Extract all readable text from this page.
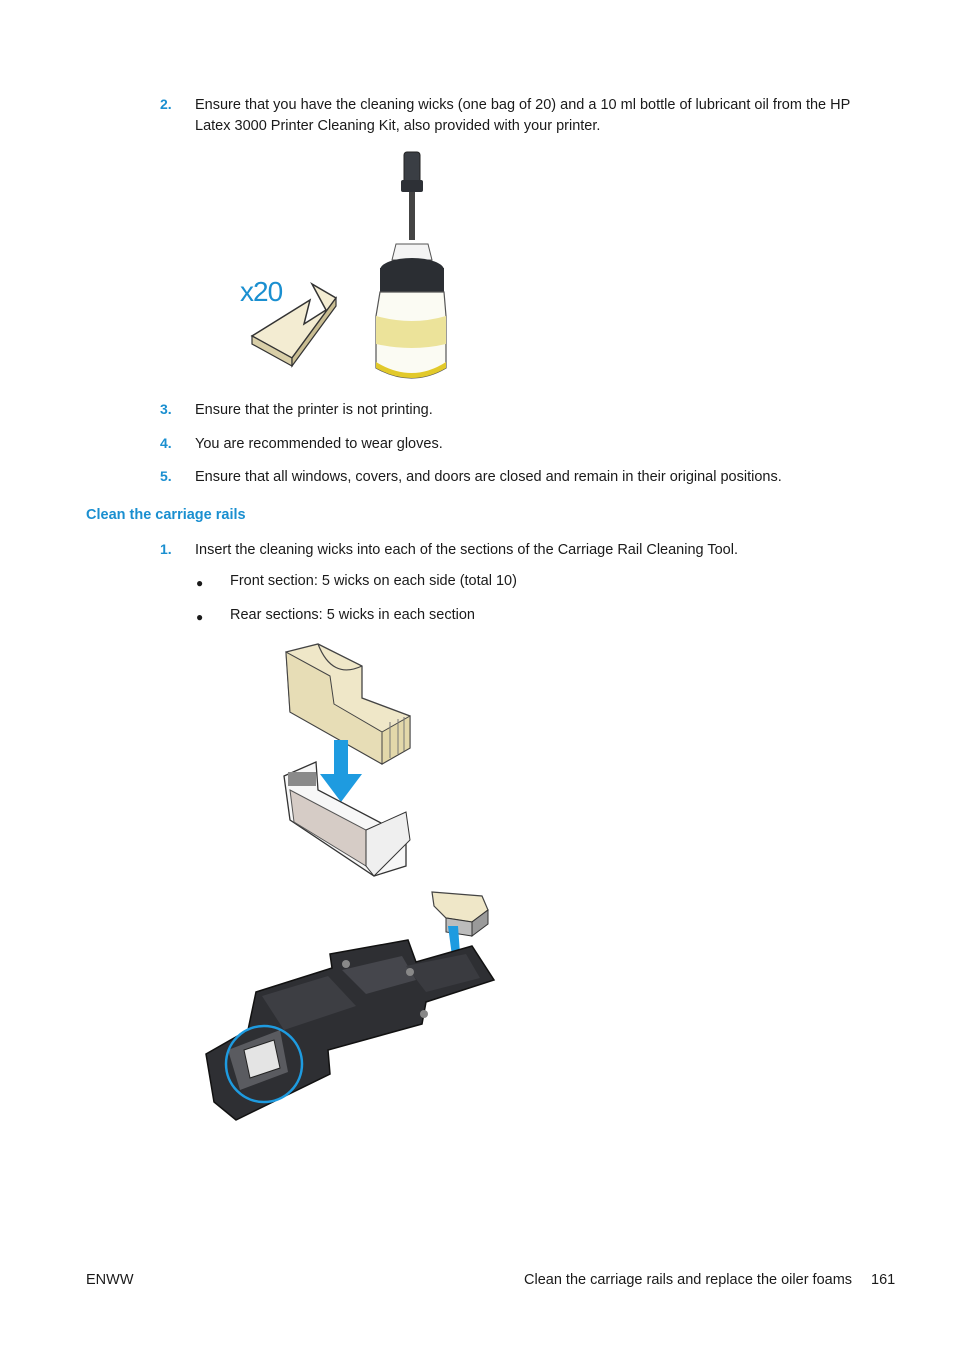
2. Ensure that you have the cleaning wicks (one bag of 20) and a 10 ml bottle of lubricant oil from the HP Latex 3000 Printer Cleaning Kit, also provided with your printer.
x20
3. Ensure that the printer is not printing.
4. You are recommended to wear gloves.
5. Ensure that all windows, covers, and doors are closed and remain in their original positions.
Clean the carriage rails
1. Insert the cleaning wicks into each of the sections of the Carriage Rail Cleaning Tool.
● Front section: 5 wicks on each side (total 10)
● Rear sections: 5 wicks in each section
ENWW	Clean the carriage rails and replace the oiler foams 161
